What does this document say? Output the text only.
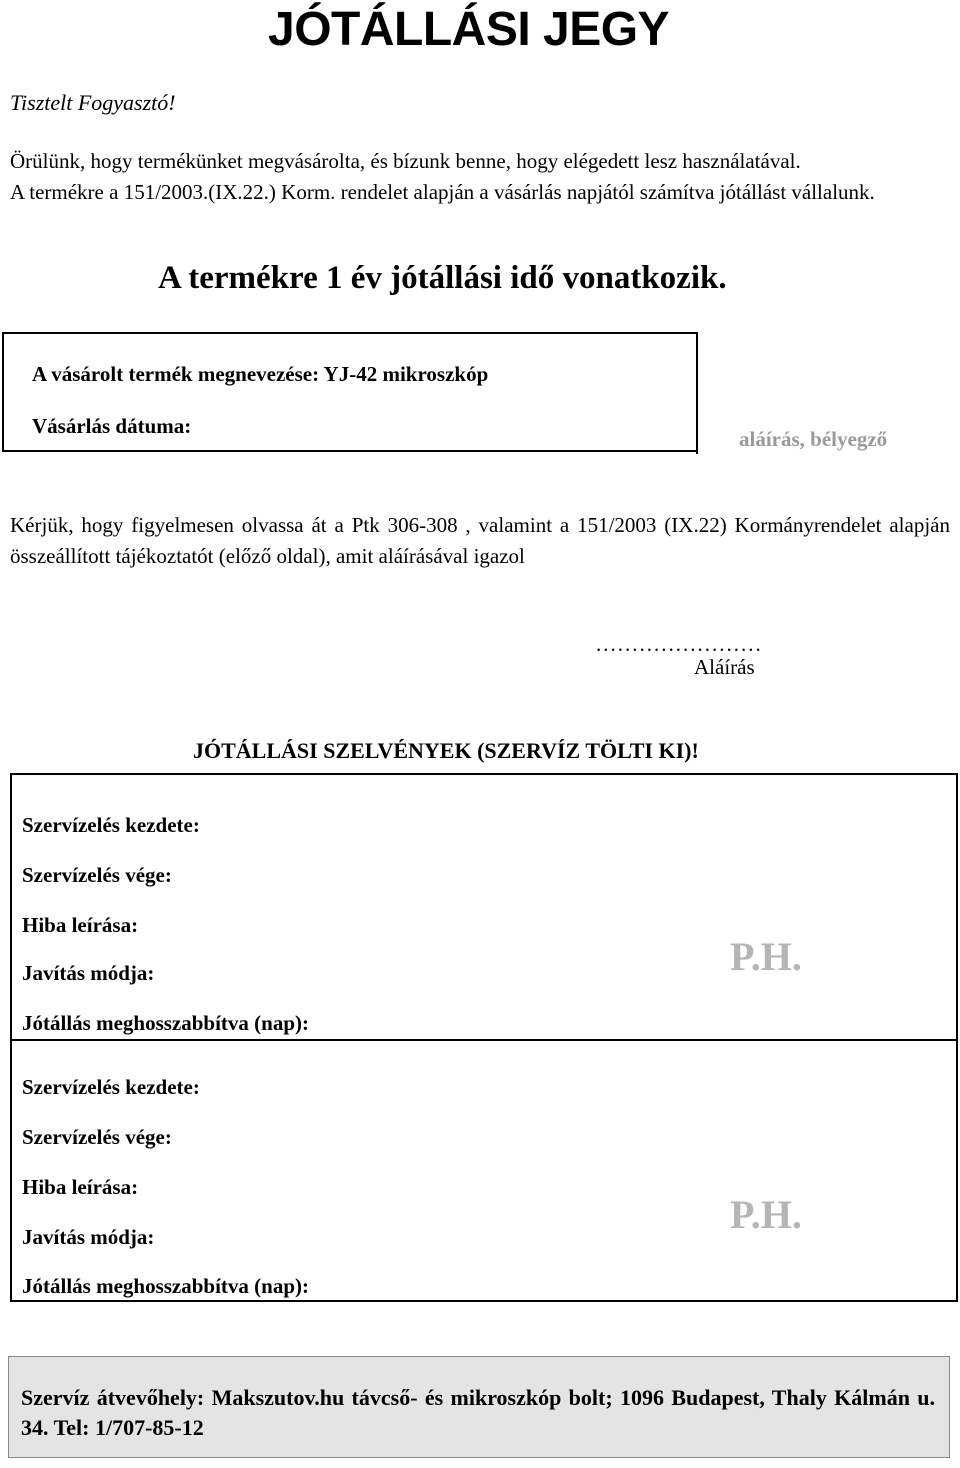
JÓTÁLLÁSI JEGY
Tisztelt Fogyasztó!

Örülünk, hogy termékünket megvásárolta, és bízunk benne, hogy elégedett lesz használatával.

A termékre a 151/2003.(IX.22.) Korm. rendelet alapján a vásárlás napjától számítva jótállást vállalunk.

A termékre 1 év jótállási idő vonatkozik.
A vásárolt termék megnevezése: YJ-42 mikroszkóp
Vásárlás dátuma:
aláírás, bélyegző

Kérjük, hogy figyelmesen olvassa át a Ptk 306-308 , valamint a 151/2003 (IX.22) Kormányrendelet alapján összeállított tájékoztatót (előző oldal), amit aláírásával igazol

.......................
Aláírás
JÓTÁLLÁSI SZELVÉNYEK (SZERVÍZ TÖLTI KI)!
Szervízelés kezdete:
Szervízelés vége:
Hiba leírása:
Javítás módja:
Jótállás meghosszabbítva (nap):
P.H.
Szervízelés kezdete:
Szervízelés vége:
Hiba leírása:
Javítás módja:
Jótállás meghosszabbítva (nap):
P.H.
Szervíz átvevőhely: Makszutov.hu távcső- és mikroszkóp bolt; 1096 Budapest, Thaly Kálmán u. 34. Tel: 1/707-85-12
